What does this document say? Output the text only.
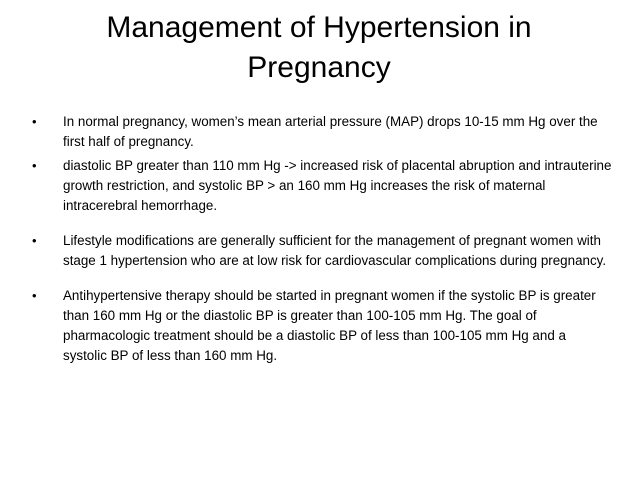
Management of Hypertension in
Pregnancy
• In normal pregnancy, women’s mean arterial pressure (MAP) drops 10-15 mm Hg over the first half of pregnancy.
• diastolic BP greater than 110 mm Hg -> increased risk of placental abruption and intrauterine growth restriction, and systolic BP > an 160 mm Hg increases the risk of maternal intracerebral hemorrhage.
• Lifestyle modifications are generally sufficient for the management of pregnant women with stage 1 hypertension who are at low risk for cardiovascular complications during pregnancy.
• Antihypertensive therapy should be started in pregnant women if the systolic BP is greater than 160 mm Hg or the diastolic BP is greater than 100-105 mm Hg. The goal of pharmacologic treatment should be a diastolic BP of less than 100-105 mm Hg and a systolic BP of less than 160 mm Hg.
